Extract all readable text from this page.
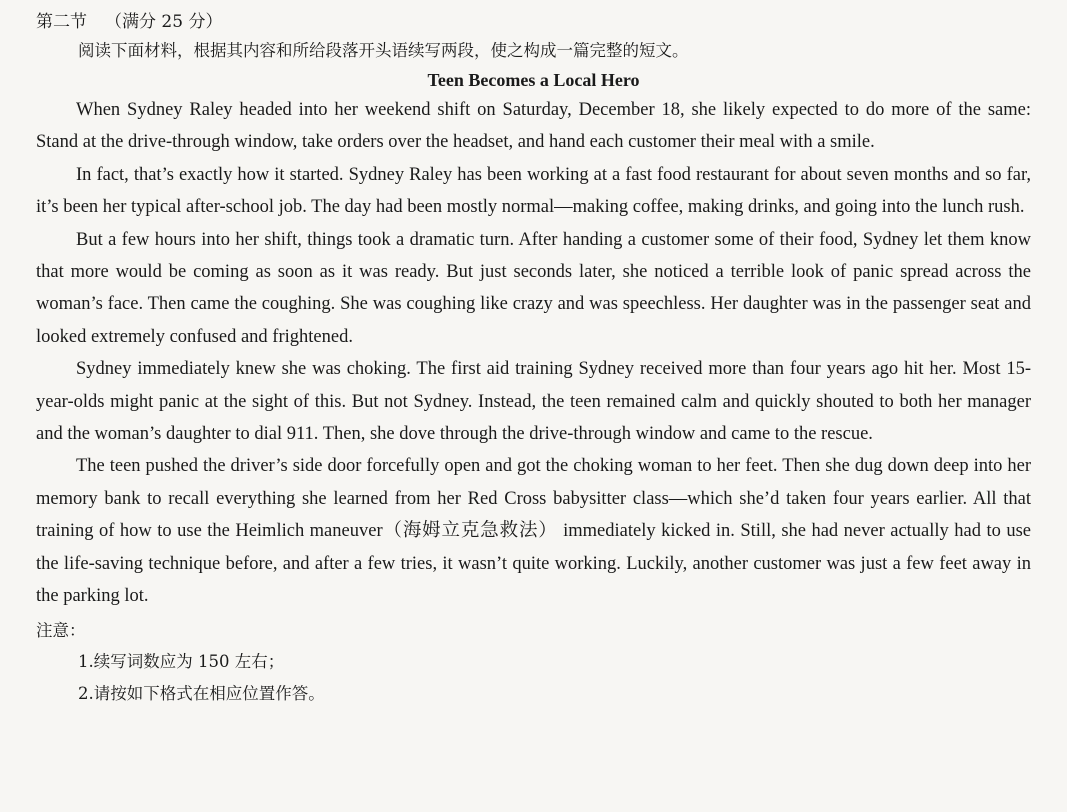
第二节 （满分 25 分）
阅读下面材料，根据其内容和所给段落开头语续写两段，使之构成一篇完整的短文。
Teen Becomes a Local Hero

When Sydney Raley headed into her weekend shift on Saturday, December 18, she likely expected to do more of the same: Stand at the drive-through window, take orders over the headset, and hand each customer their meal with a smile.

In fact, that’s exactly how it started. Sydney Raley has been working at a fast food restaurant for about seven months and so far, it’s been her typical after-school job. The day had been mostly normal—making coffee, making drinks, and going into the lunch rush.

But a few hours into her shift, things took a dramatic turn. After handing a customer some of their food, Sydney let them know that more would be coming as soon as it was ready. But just seconds later, she noticed a terrible look of panic spread across the woman’s face. Then came the coughing. She was coughing like crazy and was speechless. Her daughter was in the passenger seat and looked extremely confused and frightened.

Sydney immediately knew she was choking. The first aid training Sydney received more than four years ago hit her. Most 15-year-olds might panic at the sight of this. But not Sydney. Instead, the teen remained calm and quickly shouted to both her manager and the woman’s daughter to dial 911. Then, she dove through the drive-through window and came to the rescue.

The teen pushed the driver’s side door forcefully open and got the choking woman to her feet. Then she dug down deep into her memory bank to recall everything she learned from her Red Cross babysitter class—which she’d taken four years earlier. All that training of how to use the Heimlich maneuver（海姆立克急救法） immediately kicked in. Still, she had never actually had to use the life-saving technique before, and after a few tries, it wasn’t quite working. Luckily, another customer was just a few feet away in the parking lot.

注意：
1.续写词数应为 150 左右；
2.请按如下格式在相应位置作答。
